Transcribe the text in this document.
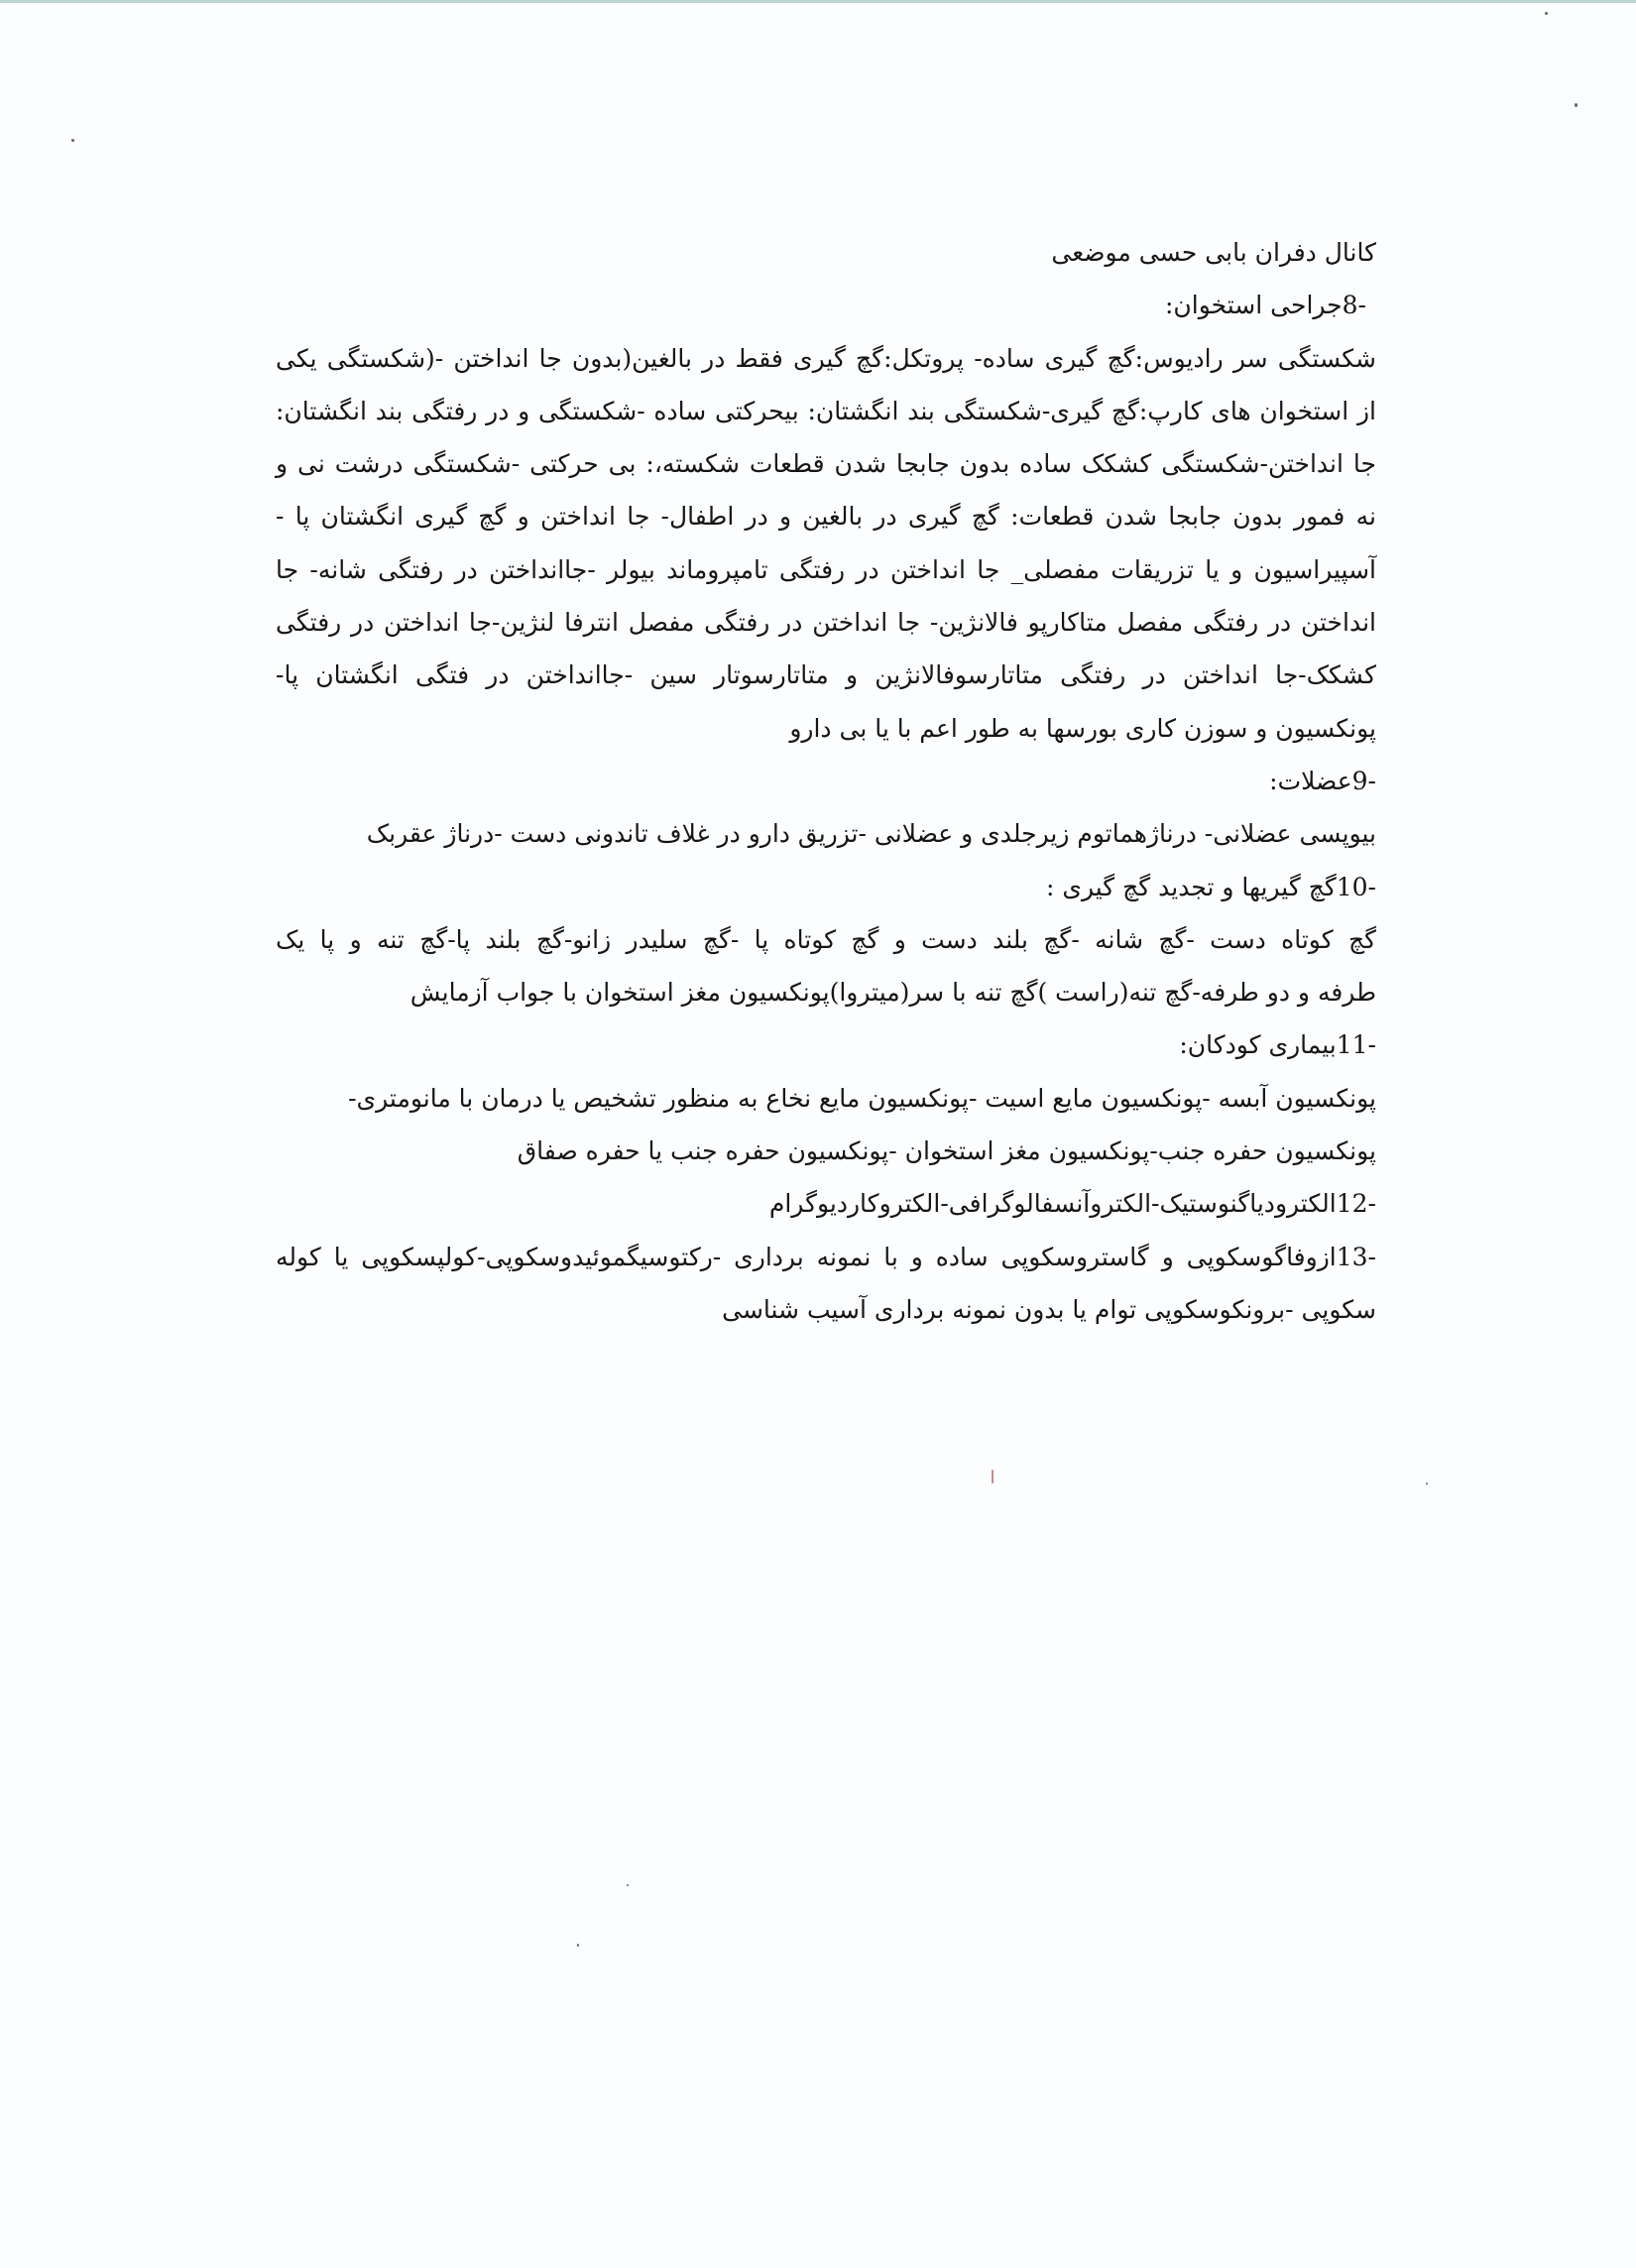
کانال دفران بابی حسی موضعی
-8جراحی استخوان:
شکستگی سر رادیوس:گچ گیری ساده- پروتکل:گچ گیری فقط در بالغین(بدون جا انداختن -(شکستگی یکی
از استخوان های کارپ:گچ گیری-شکستگی بند انگشتان: بیحرکتی ساده -شکستگی و در رفتگی بند انگشتان:
جا انداختن-شکستگی کشکک ساده بدون جابجا شدن قطعات شکسته،: بی حرکتی -شکستگی درشت نی و
نه فمور بدون جابجا شدن قطعات: گچ گیری در بالغین و در اطفال- جا انداختن و گچ گیری انگشتان پا -
آسپیراسیون و یا تزریقات مفصلی_ جا انداختن در رفتگی تامپروماند بیولر -جاانداختن در رفتگی شانه- جا
انداختن در رفتگی مفصل متاکارپو فالانژین- جا انداختن در رفتگی مفصل انترفا لنژین-جا انداختن در رفتگی
کشکک-جا انداختن در رفتگی متاتارسوفالانژین و متاتارسوتار سین -جاانداختن در فتگی انگشتان پا-
پونکسیون و سوزن کاری بورسها به طور اعم با یا بی دارو
-9عضلات:
بیوپسی عضلانی- درناژهماتوم زیرجلدی و عضلانی -تزریق دارو در غلاف تاندونی دست -درناژ عقربک
-10گچ گیریها و تجدید گچ گیری :
گچ کوتاه دست -گچ شانه -گچ بلند دست و گچ کوتاه پا -گچ سلیدر زانو-گچ بلند پا-گچ تنه و پا یک
طرفه و دو طرفه-گچ تنه(راست )گچ تنه با سر(میتروا)پونکسیون مغز استخوان با جواب آزمایش
-11بیماری کودکان:
پونکسیون آبسه -پونکسیون مایع اسیت -پونکسیون مایع نخاع به منظور تشخیص یا درمان با مانومتری-
پونکسیون حفره جنب-پونکسیون مغز استخوان -پونکسیون حفره جنب یا حفره صفاق
-12الکترودیاگنوستیک-الکتروآنسفالوگرافی-الکتروکاردیوگرام
-13ازوفاگوسکوپی و گاستروسکوپی ساده و با نمونه برداری -رکتوسیگموئیدوسکوپی-کولپسکوپی یا کوله
سکوپی -برونکوسکوپی توام یا بدون نمونه برداری آسیب شناسی
